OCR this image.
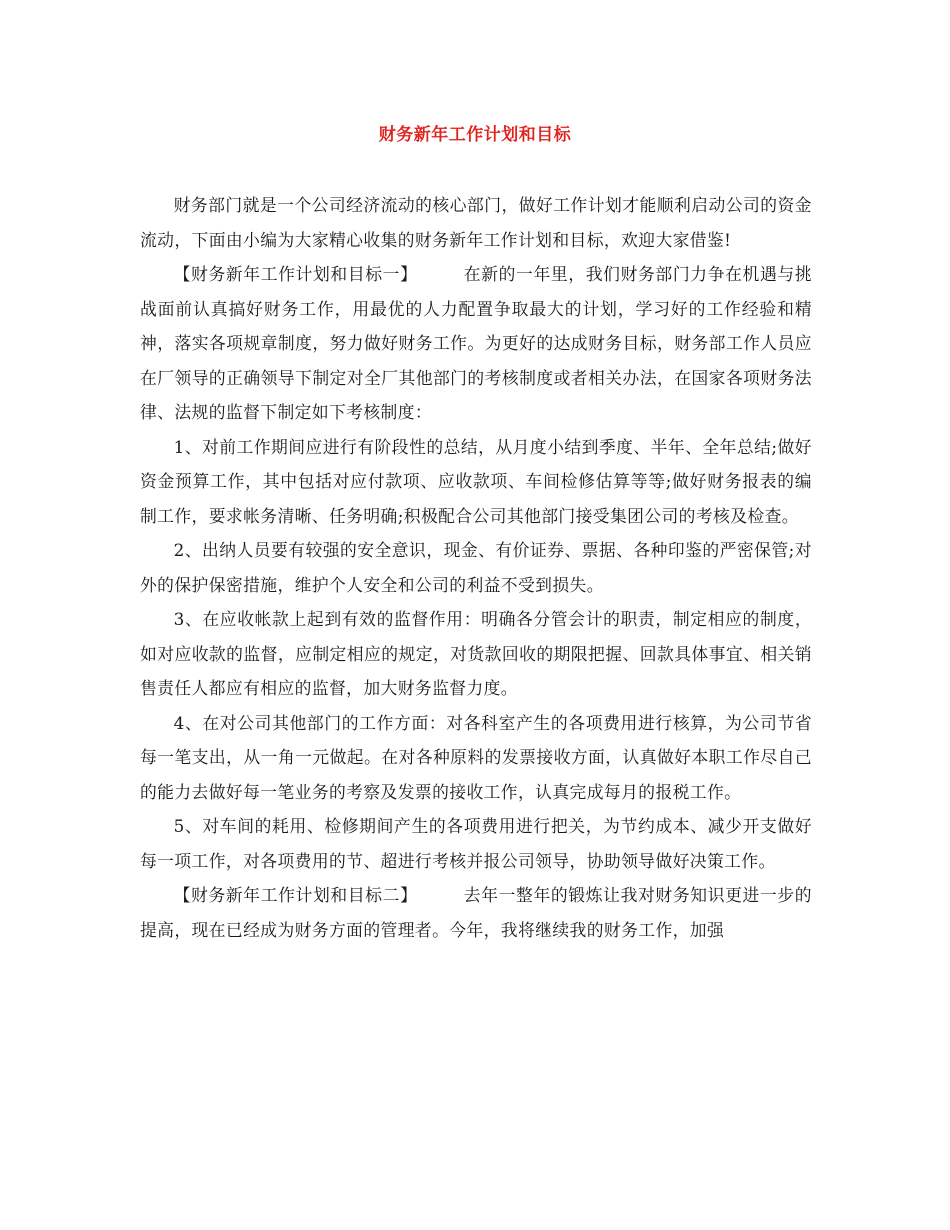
财务新年工作计划和目标

财务部门就是一个公司经济流动的核心部门，做好工作计划才能顺利启动公司的资金流动，下面由小编为大家精心收集的财务新年工作计划和目标，欢迎大家借鉴!

【财务新年工作计划和目标一】	在新的一年里，我们财务部门力争在机遇与挑战面前认真搞好财务工作，用最优的人力配置争取最大的计划，学习好的工作经验和精神，落实各项规章制度，努力做好财务工作。为更好的达成财务目标，财务部工作人员应在厂领导的正确领导下制定对全厂其他部门的考核制度或者相关办法，在国家各项财务法律、法规的监督下制定如下考核制度：

1、对前工作期间应进行有阶段性的总结，从月度小结到季度、半年、全年总结;做好资金预算工作，其中包括对应付款项、应收款项、车间检修估算等等;做好财务报表的编制工作，要求帐务清晰、任务明确;积极配合公司其他部门接受集团公司的考核及检查。

2、出纳人员要有较强的安全意识，现金、有价证券、票据、各种印鉴的严密保管;对外的保护保密措施，维护个人安全和公司的利益不受到损失。

3、在应收帐款上起到有效的监督作用：明确各分管会计的职责，制定相应的制度，如对应收款的监督，应制定相应的规定，对货款回收的期限把握、回款具体事宜、相关销售责任人都应有相应的监督，加大财务监督力度。

4、在对公司其他部门的工作方面：对各科室产生的各项费用进行核算，为公司节省每一笔支出，从一角一元做起。在对各种原料的发票接收方面，认真做好本职工作尽自己的能力去做好每一笔业务的考察及发票的接收工作，认真完成每月的报税工作。

5、对车间的耗用、检修期间产生的各项费用进行把关，为节约成本、减少开支做好每一项工作，对各项费用的节、超进行考核并报公司领导，协助领导做好决策工作。

【财务新年工作计划和目标二】	去年一整年的锻炼让我对财务知识更进一步的提高，现在已经成为财务方面的管理者。今年，我将继续我的财务工作，加强
